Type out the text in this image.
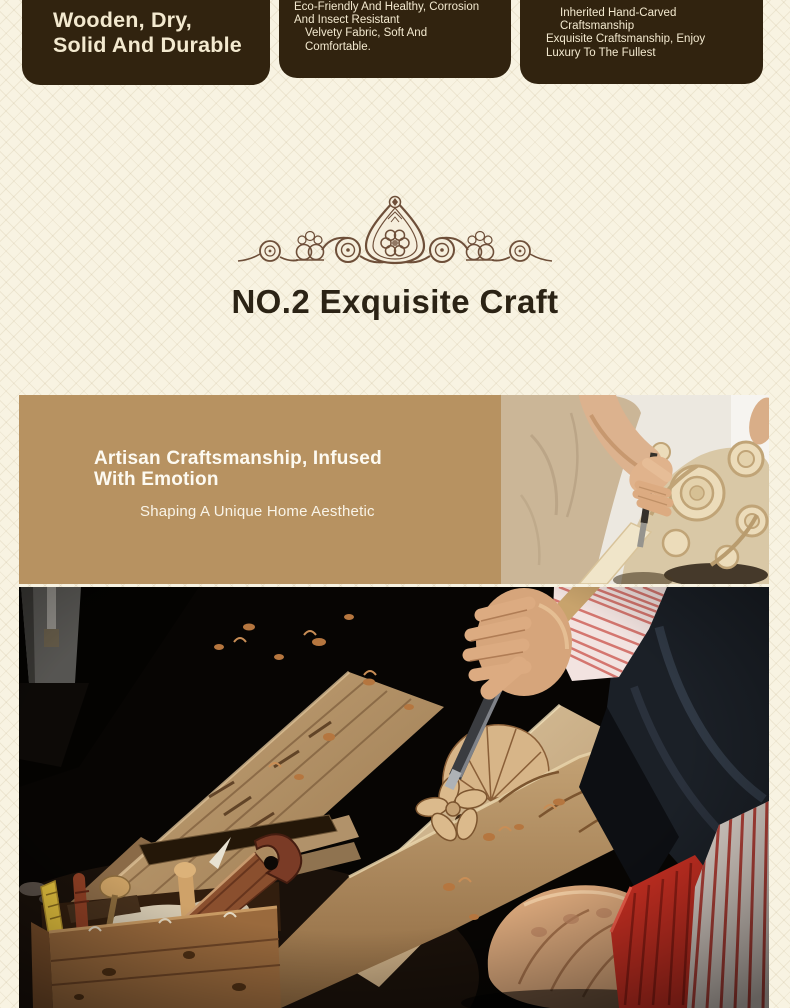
Wooden, Dry,
Solid And Durable
Eco-Friendly And Healthy, Corrosion
And Insect Resistant
Velvety Fabric, Soft And
Comfortable.
Inherited Hand-Carved
Craftsmanship
Exquisite Craftsmanship, Enjoy
Luxury To The Fullest
NO.2 Exquisite Craft
Artisan Craftsmanship, Infused With Emotion

Shaping A Unique Home Aesthetic
